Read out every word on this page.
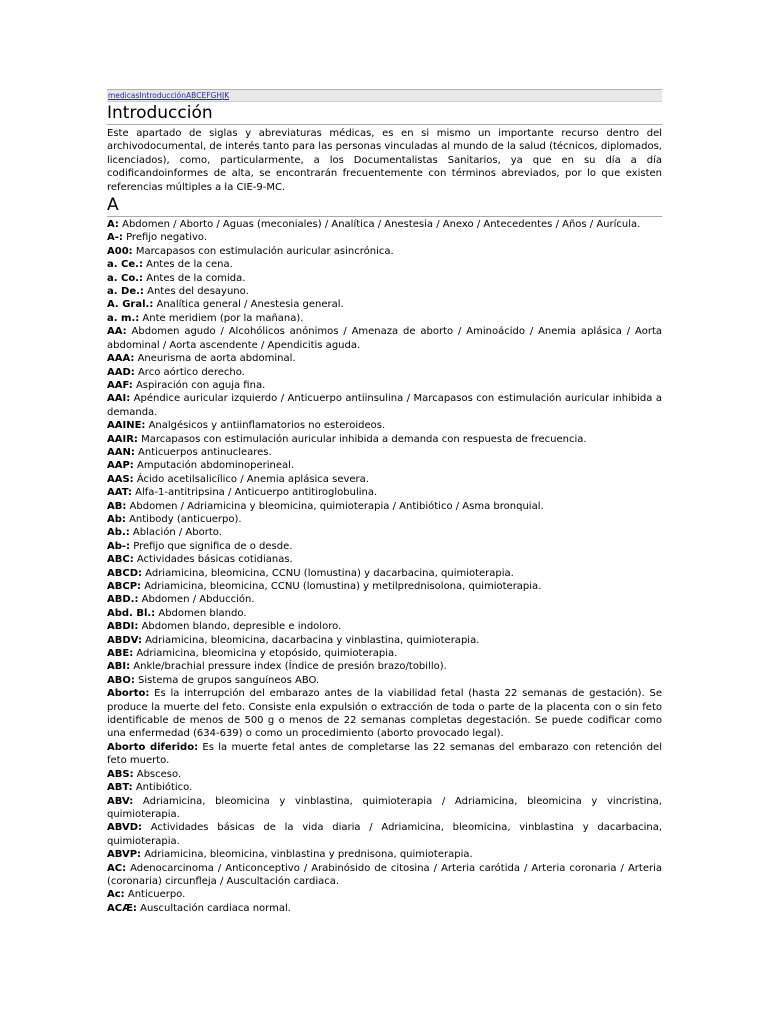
medicasIntroducciónABCEFGHJK
Introducción

Este apartado de siglas y abreviaturas médicas, es en si mismo un importante recurso dentro del archivodocumental, de interés tanto para las personas vinculadas al mundo de la salud (técnicos, diplomados, licenciados), como, particularmente, a los Documentalistas Sanitarios, ya que en su día a día codificandoinformes de alta, se encontrarán frecuentemente con términos abreviados, por lo que existen referencias múltiples a la CIE-9-MC.

A
A: Abdomen / Aborto / Aguas (meconiales) / Analítica / Anestesia / Anexo / Antecedentes / Años / Aurícula.
A-: Prefijo negativo.
A00: Marcapasos con estimulación auricular asincrónica.
a. Ce.: Antes de la cena.
a. Co.: Antes de la comida.
a. De.: Antes del desayuno.
A. Gral.: Analítica general / Anestesia general.
a. m.: Ante meridiem (por la mañana).
AA: Abdomen agudo / Alcohólicos anónimos / Amenaza de aborto / Aminoácido / Anemia aplásica / Aorta abdominal / Aorta ascendente / Apendicitis aguda.
AAA: Aneurisma de aorta abdominal.
AAD: Arco aórtico derecho.
AAF: Aspiración con aguja fina.
AAI: Apéndice auricular izquierdo / Anticuerpo antiinsulina / Marcapasos con estimulación auricular inhibida a demanda.
AAINE: Analgésicos y antiinflamatorios no esteroideos.
AAIR: Marcapasos con estimulación auricular inhibida a demanda con respuesta de frecuencia.
AAN: Anticuerpos antinucleares.
AAP: Amputación abdominoperineal.
AAS: Ácido acetilsalicílico / Anemia aplásica severa.
AAT: Alfa-1-antitripsina / Anticuerpo antitiroglobulina.
AB: Abdomen / Adriamicina y bleomicina, quimioterapia / Antibiótico / Asma bronquial.
Ab: Antibody (anticuerpo).
Ab.: Ablación / Aborto.
Ab-: Prefijo que significa de o desde.
ABC: Actividades básicas cotidianas.
ABCD: Adriamicina, bleomicina, CCNU (lomustina) y dacarbacina, quimioterapia.
ABCP: Adriamicina, bleomicina, CCNU (lomustina) y metilprednisolona, quimioterapia.
ABD.: Abdomen / Abducción.
Abd. Bl.: Abdomen blando.
ABDI: Abdomen blando, depresible e indoloro.
ABDV: Adriamicina, bleomicina, dacarbacina y vinblastina, quimioterapia.
ABE: Adriamicina, bleomicina y etopósido, quimioterapia.
ABI: Ankle/brachial pressure index (Índice de presión brazo/tobillo).
ABO: Sistema de grupos sanguíneos ABO.
Aborto: Es la interrupción del embarazo antes de la viabilidad fetal (hasta 22 semanas de gestación). Se produce la muerte del feto. Consiste enla expulsión o extracción de toda o parte de la placenta con o sin feto identificable de menos de 500 g o menos de 22 semanas completas degestación. Se puede codificar como una enfermedad (634-639) o como un procedimiento (aborto provocado legal).
Aborto diferido: Es la muerte fetal antes de completarse las 22 semanas del embarazo con retención del feto muerto.
ABS: Absceso.
ABT: Antibiótico.
ABV: Adriamicina, bleomicina y vinblastina, quimioterapia / Adriamicina, bleomicina y vincristina, quimioterapia.
ABVD: Actividades básicas de la vida diaria / Adriamicina, bleomicina, vinblastina y dacarbacina, quimioterapia.
ABVP: Adriamicina, bleomicina, vinblastina y prednisona, quimioterapia.
AC: Adenocarcinoma / Anticonceptivo / Arabinósido de citosina / Arteria carótida / Arteria coronaria / Arteria (coronaria) circunfleja / Auscultación cardiaca.
Ac: Anticuerpo.
ACÆ: Auscultación cardiaca normal.
